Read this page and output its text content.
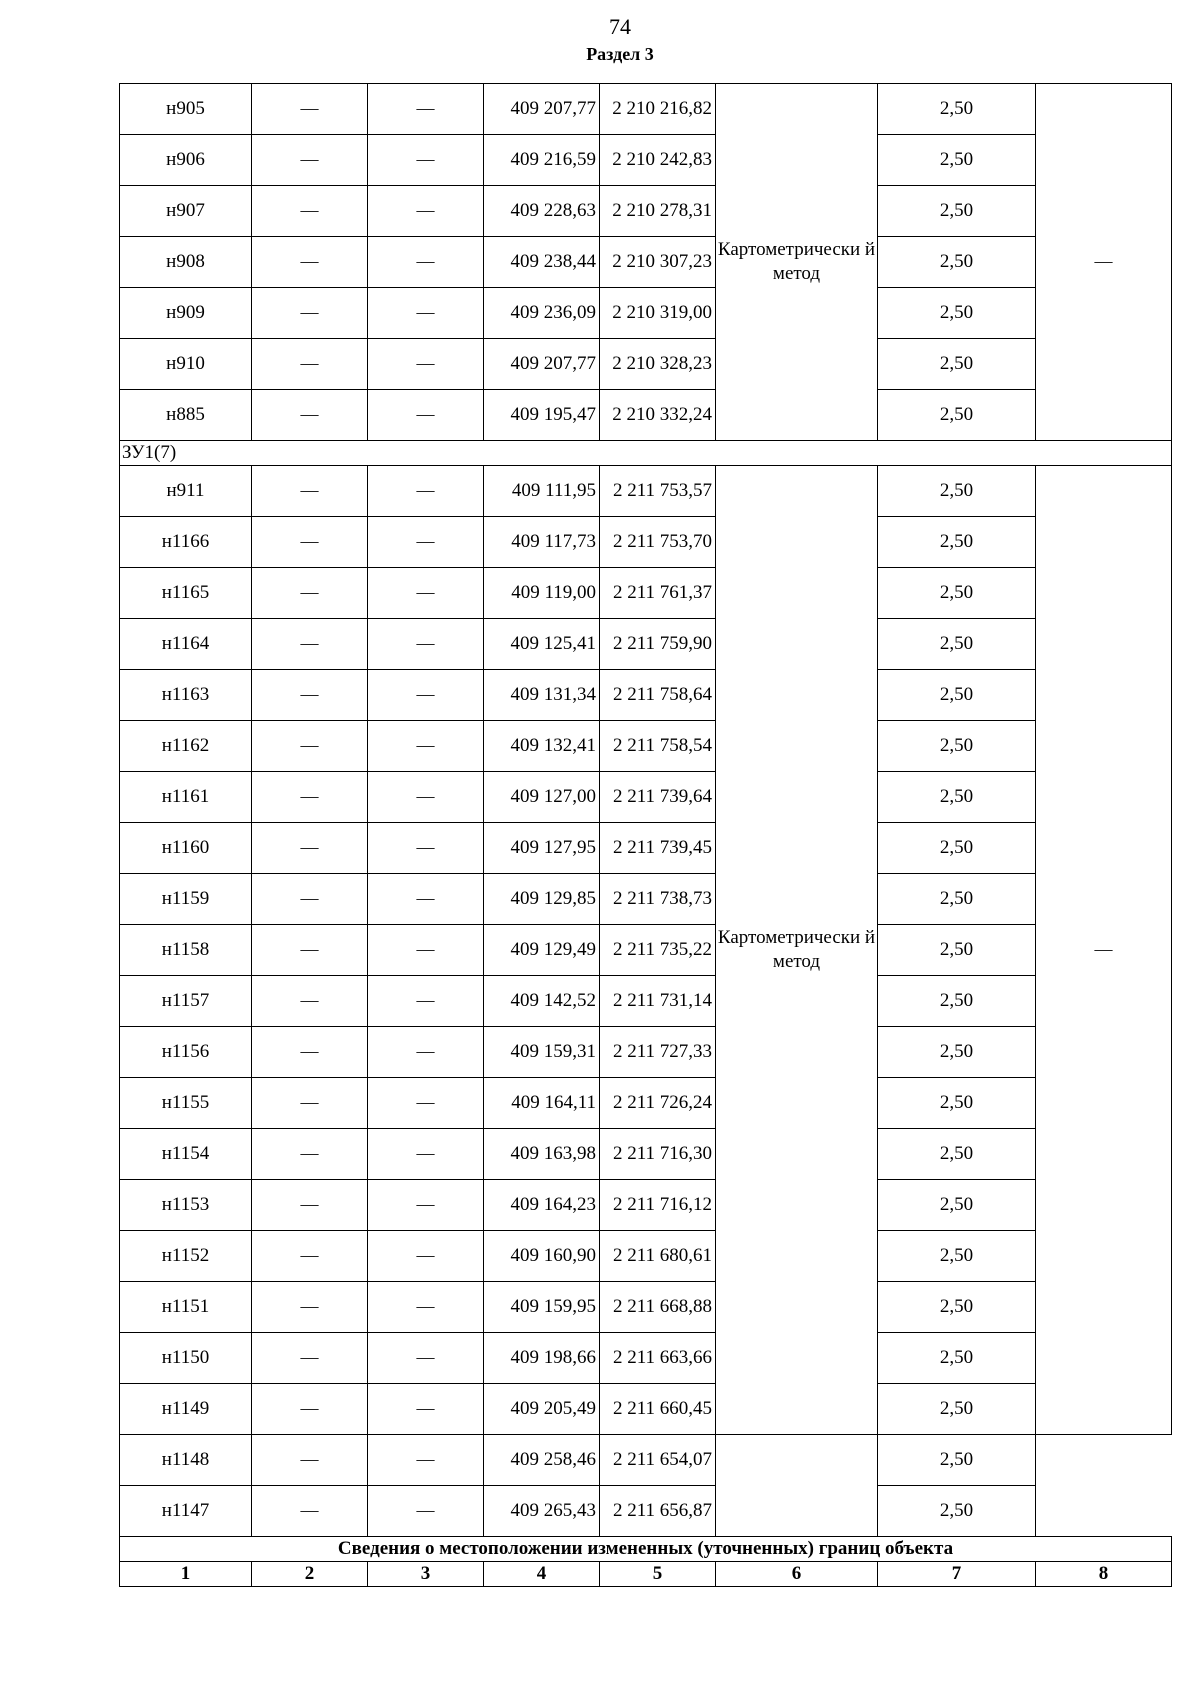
74
Раздел 3
н905	—	—	409 207,77	2 210 216,82	Картометрически й метод	2,50	—
н906	—	—	409 216,59	2 210 242,83		2,50	
н907	—	—	409 228,63	2 210 278,31		2,50	
н908	—	—	409 238,44	2 210 307,23		2,50	
н909	—	—	409 236,09	2 210 319,00		2,50	
н910	—	—	409 207,77	2 210 328,23		2,50	
н885	—	—	409 195,47	2 210 332,24		2,50	
ЗУ1(7)							
н911	—	—	409 111,95	2 211 753,57	Картометрически й метод	2,50	—
н1166	—	—	409 117,73	2 211 753,70		2,50	
н1165	—	—	409 119,00	2 211 761,37		2,50	
н1164	—	—	409 125,41	2 211 759,90		2,50	
н1163	—	—	409 131,34	2 211 758,64		2,50	
н1162	—	—	409 132,41	2 211 758,54		2,50	
н1161	—	—	409 127,00	2 211 739,64		2,50	
н1160	—	—	409 127,95	2 211 739,45		2,50	
н1159	—	—	409 129,85	2 211 738,73		2,50	
н1158	—	—	409 129,49	2 211 735,22		2,50	
н1157	—	—	409 142,52	2 211 731,14		2,50	
н1156	—	—	409 159,31	2 211 727,33		2,50	
н1155	—	—	409 164,11	2 211 726,24		2,50	
н1154	—	—	409 163,98	2 211 716,30		2,50	
н1153	—	—	409 164,23	2 211 716,12		2,50	
н1152	—	—	409 160,90	2 211 680,61		2,50	
н1151	—	—	409 159,95	2 211 668,88		2,50	
н1150	—	—	409 198,66	2 211 663,66		2,50	
н1149	—	—	409 205,49	2 211 660,45		2,50	
н1148	—	—	409 258,46	2 211 654,07		2,50	
н1147	—	—	409 265,43	2 211 656,87		2,50	
Сведения о местоположении измененных (уточненных) границ объекта							
1	2	3	4	5	6	7	8
